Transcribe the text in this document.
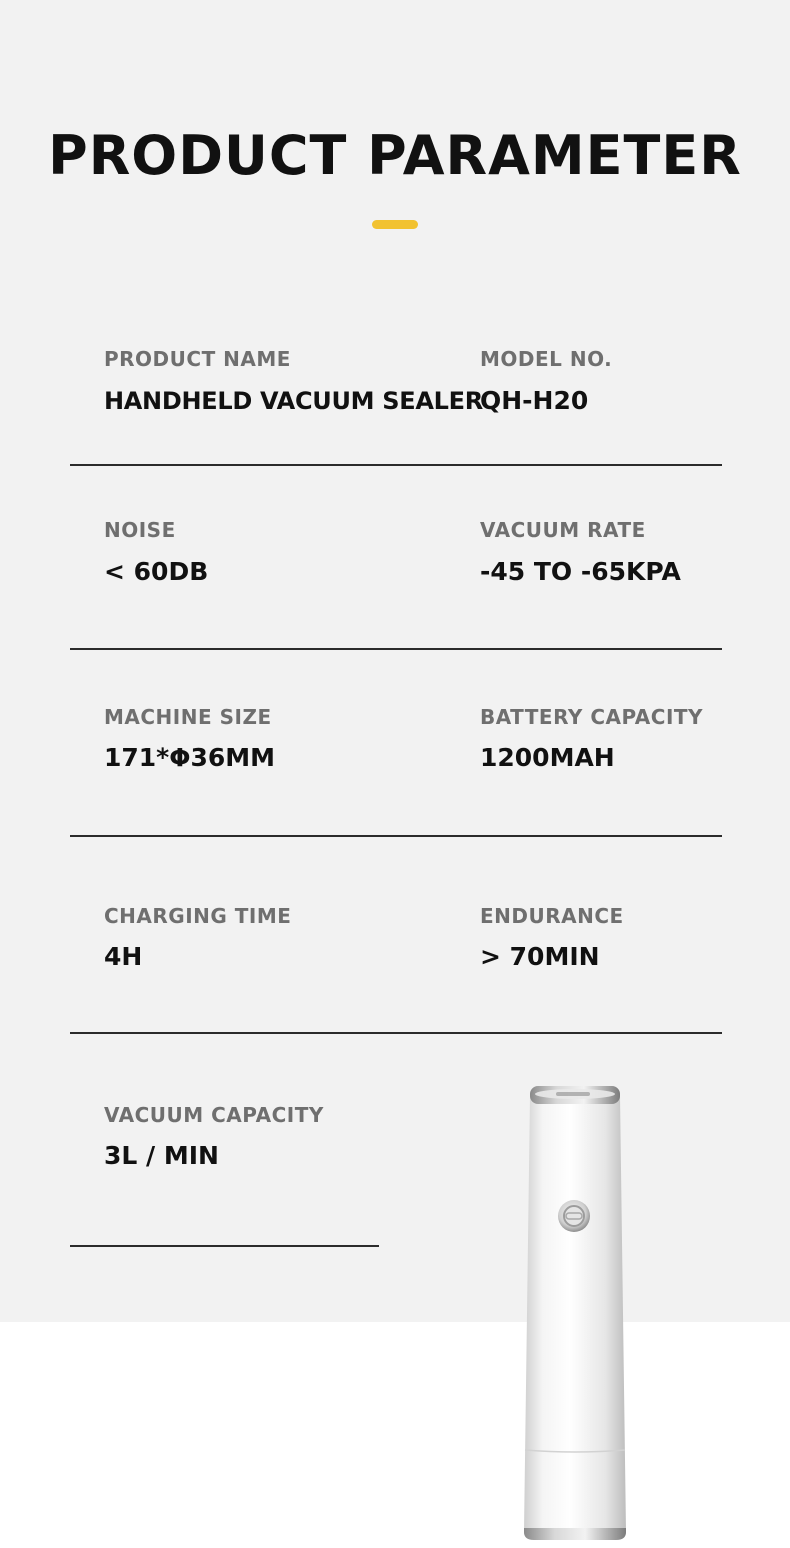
PRODUCT PARAMETER
PRODUCT NAME
HANDHELD VACUUM SEALER
MODEL NO.
QH-H20
NOISE
< 60DB
VACUUM RATE
-45 TO -65KPA
MACHINE SIZE
171*Φ36MM
BATTERY CAPACITY
1200MAH
CHARGING TIME
4H
ENDURANCE
> 70MIN
VACUUM CAPACITY
3L / MIN
